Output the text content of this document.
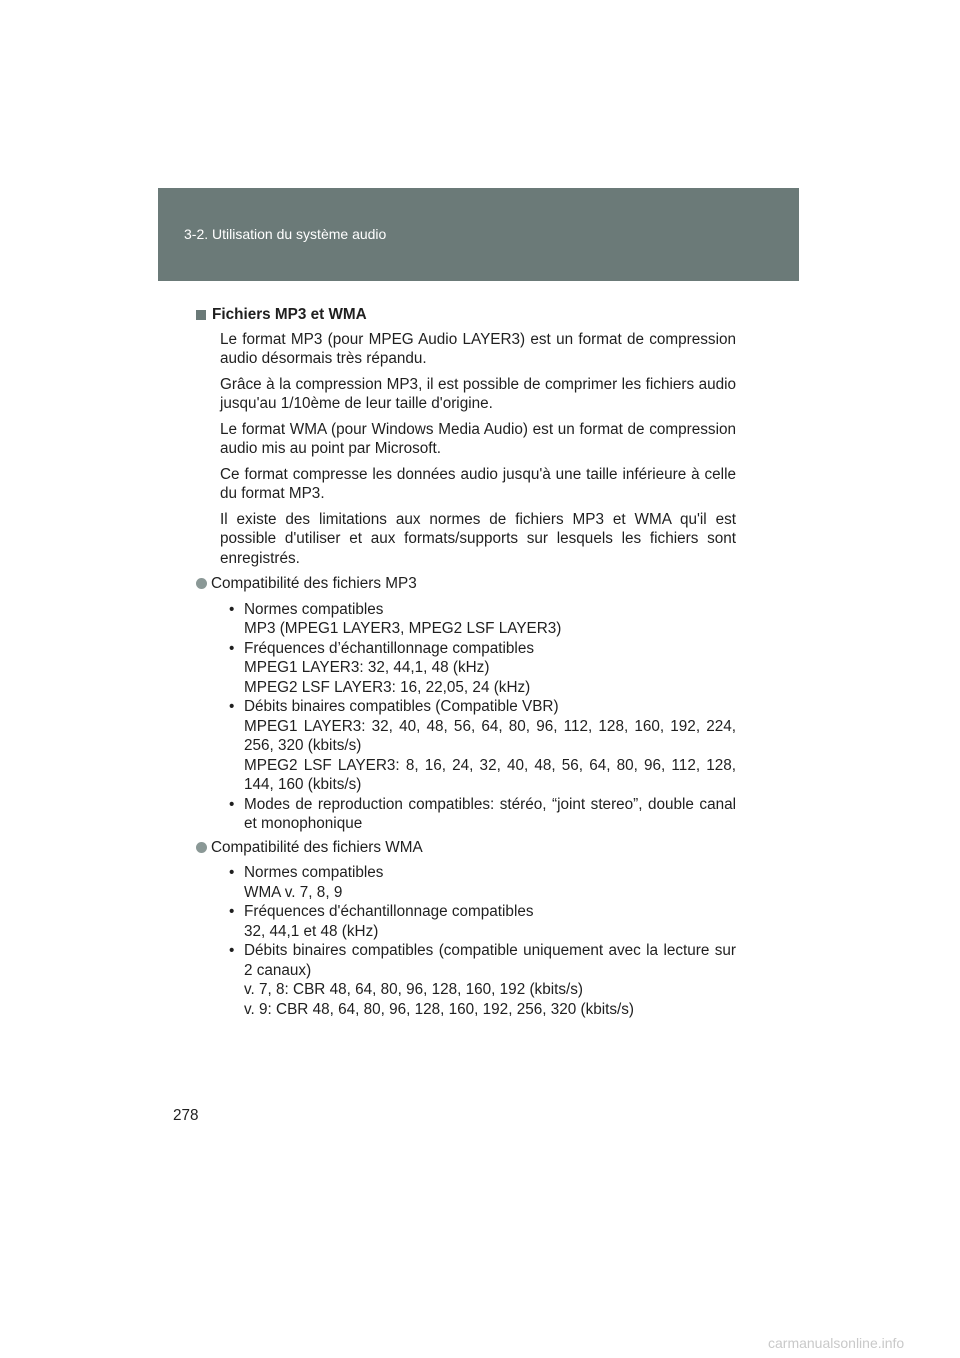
3-2. Utilisation du système audio
Fichiers MP3 et WMA
Le format MP3 (pour MPEG Audio LAYER3) est un format de compression audio désormais très répandu.
Grâce à la compression MP3, il est possible de comprimer les fichiers audio jusqu'au 1/10ème de leur taille d'origine.
Le format WMA (pour Windows Media Audio) est un format de compression audio mis au point par Microsoft.
Ce format compresse les données audio jusqu'à une taille inférieure à celle du format MP3.
Il existe des limitations aux normes de fichiers MP3 et WMA qu'il est possible d'utiliser et aux formats/supports sur lesquels les fichiers sont enregistrés.
Compatibilité des fichiers MP3
• Normes compatibles
MP3 (MPEG1 LAYER3, MPEG2 LSF LAYER3)
• Fréquences d’échantillonnage compatibles
MPEG1 LAYER3: 32, 44,1, 48 (kHz)
MPEG2 LSF LAYER3: 16, 22,05, 24 (kHz)
• Débits binaires compatibles (Compatible VBR)
MPEG1 LAYER3: 32, 40, 48, 56, 64, 80, 96, 112, 128, 160, 192, 224, 256, 320 (kbits/s)
MPEG2 LSF LAYER3: 8, 16, 24, 32, 40, 48, 56, 64, 80, 96, 112, 128, 144, 160 (kbits/s)
• Modes de reproduction compatibles: stéréo, “joint stereo”, double canal et monophonique
Compatibilité des fichiers WMA
• Normes compatibles
WMA v. 7, 8, 9
• Fréquences d'échantillonnage compatibles
32, 44,1 et 48 (kHz)
• Débits binaires compatibles (compatible uniquement avec la lecture sur 2 canaux)
v. 7, 8: CBR 48, 64, 80, 96, 128, 160, 192 (kbits/s)
v. 9: CBR 48, 64, 80, 96, 128, 160, 192, 256, 320 (kbits/s)
278
carmanualsonline.info
